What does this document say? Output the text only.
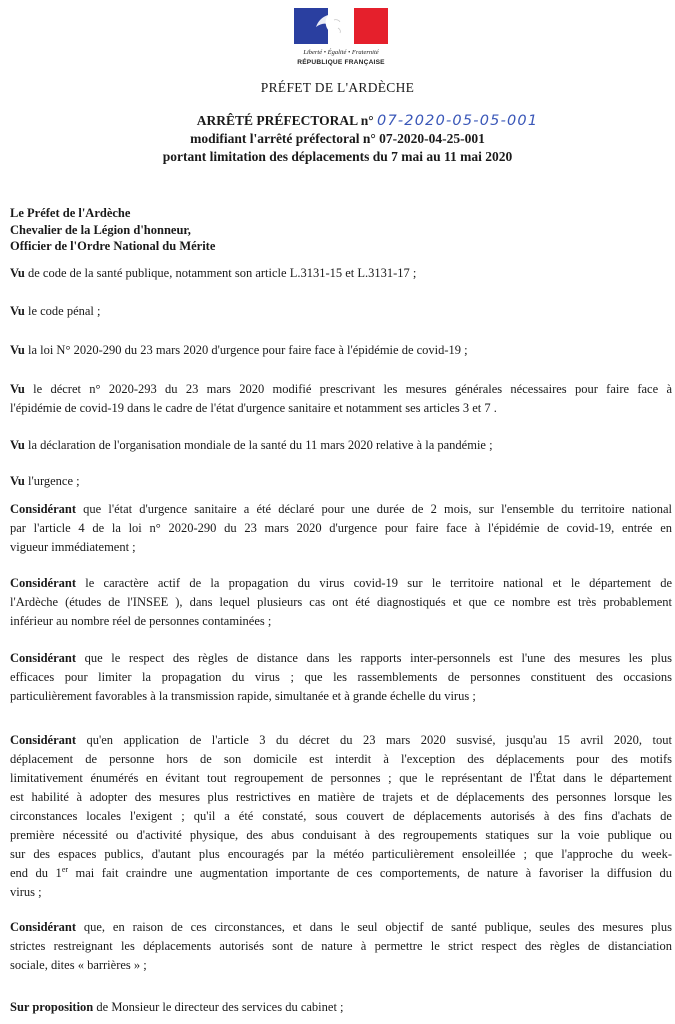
Liberté • Égalité • Fraternité
RÉPUBLIQUE FRANÇAISE
PRÉFET DE L'ARDÈCHE
ARRÊTÉ PRÉFECTORAL n° 07-2020-05-05-001
modifiant l'arrêté préfectoral n° 07-2020-04-25-001
portant limitation des déplacements du 7 mai au 11 mai 2020
Le Préfet de l'Ardèche
Chevalier de la Légion d'honneur,
Officier de l'Ordre National du Mérite
Vu de code de la santé publique, notamment son article L.3131-15 et L.3131-17 ;
Vu le code pénal ;
Vu la loi N° 2020-290 du 23 mars 2020 d'urgence pour faire face à l'épidémie de covid-19 ;
Vu le décret n° 2020-293 du 23 mars 2020 modifié prescrivant les mesures générales nécessaires pour faire face à
l'épidémie de covid-19 dans le cadre de l'état d'urgence sanitaire et notamment ses articles 3 et 7 .
Vu la déclaration de l'organisation mondiale de la santé du 11 mars 2020 relative à la pandémie ;
Vu l'urgence ;
Considérant que l'état d'urgence sanitaire a été déclaré pour une durée de 2 mois, sur l'ensemble du territoire national
par l'article 4 de la loi n° 2020-290 du 23 mars 2020 d'urgence pour faire face à l'épidémie de covid-19, entrée en
vigueur immédiatement ;
Considérant le caractère actif de la propagation du virus covid-19 sur le territoire national et le département de
l'Ardèche (études de l'INSEE ), dans lequel plusieurs cas ont été diagnostiqués et que ce nombre est très probablement
inférieur au nombre réel de personnes contaminées ;
Considérant que le respect des règles de distance dans les rapports inter-personnels est l'une des mesures les plus
efficaces pour limiter la propagation du virus ; que les rassemblements de personnes constituent des occasions
particulièrement favorables à la transmission rapide, simultanée et à grande échelle du virus ;
Considérant qu'en application de l'article 3 du décret du 23 mars 2020 susvisé, jusqu'au 15 avril 2020, tout
déplacement de personne hors de son domicile est interdit à l'exception des déplacements pour des motifs
limitativement énumérés en évitant tout regroupement de personnes ; que le représentant de l'État dans le département
est habilité à adopter des mesures plus restrictives en matière de trajets et de déplacements des personnes lorsque les
circonstances locales l'exigent ; qu'il a été constaté, sous couvert de déplacements autorisés à des fins d'achats de
première nécessité ou d'activité physique, des abus conduisant à des regroupements statiques sur la voie publique ou
sur des espaces publics, d'autant plus encouragés par la météo particulièrement ensoleillée ; que l'approche du week-
end du 1er mai fait craindre une augmentation importante de ces comportements, de nature à favoriser la diffusion du
virus ;
Considérant que, en raison de ces circonstances, et dans le seul objectif de santé publique, seules des mesures plus
strictes restreignant les déplacements autorisés sont de nature à permettre le strict respect des règles de distanciation
sociale, dites « barrières » ;
Sur proposition de Monsieur le directeur des services du cabinet ;
